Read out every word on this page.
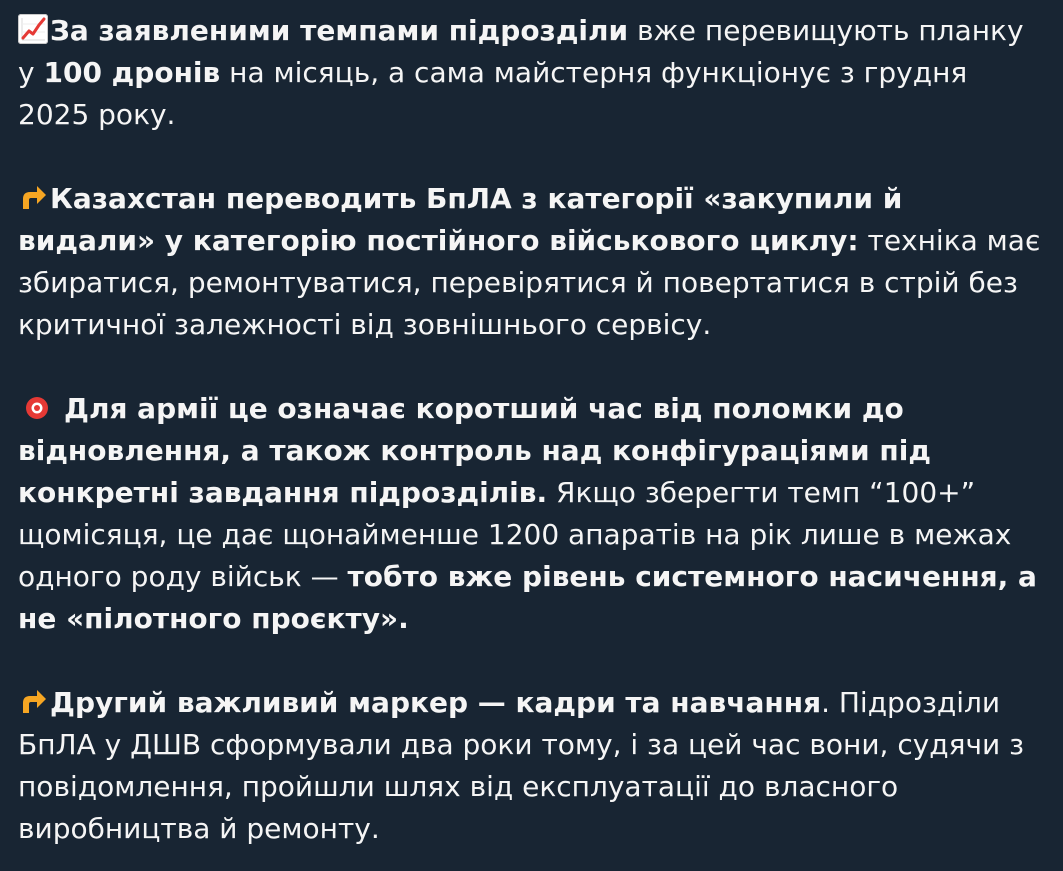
За заявленими темпами підрозділи вже перевищують планку у 100 дронів на місяць, а сама майстерня функціонує з грудня 2025 року.

Казахстан переводить БпЛА з категорії «закупили й видали» у категорію постійного військового циклу: техніка має збиратися, ремонтуватися, перевірятися й повертатися в стрій без критичної залежності від зовнішнього сервісу.

Для армії це означає коротший час від поломки до відновлення, а також контроль над конфігураціями під конкретні завдання підрозділів. Якщо зберегти темп “100+” щомісяця, це дає щонайменше 1200 апаратів на рік лише в межах одного роду військ — тобто вже рівень системного насичення, а не «пілотного проєкту».

Другий важливий маркер — кадри та навчання. Підрозділи БпЛА у ДШВ сформували два роки тому, і за цей час вони, судячи з повідомлення, пройшли шлях від експлуатації до власного виробництва й ремонту.
